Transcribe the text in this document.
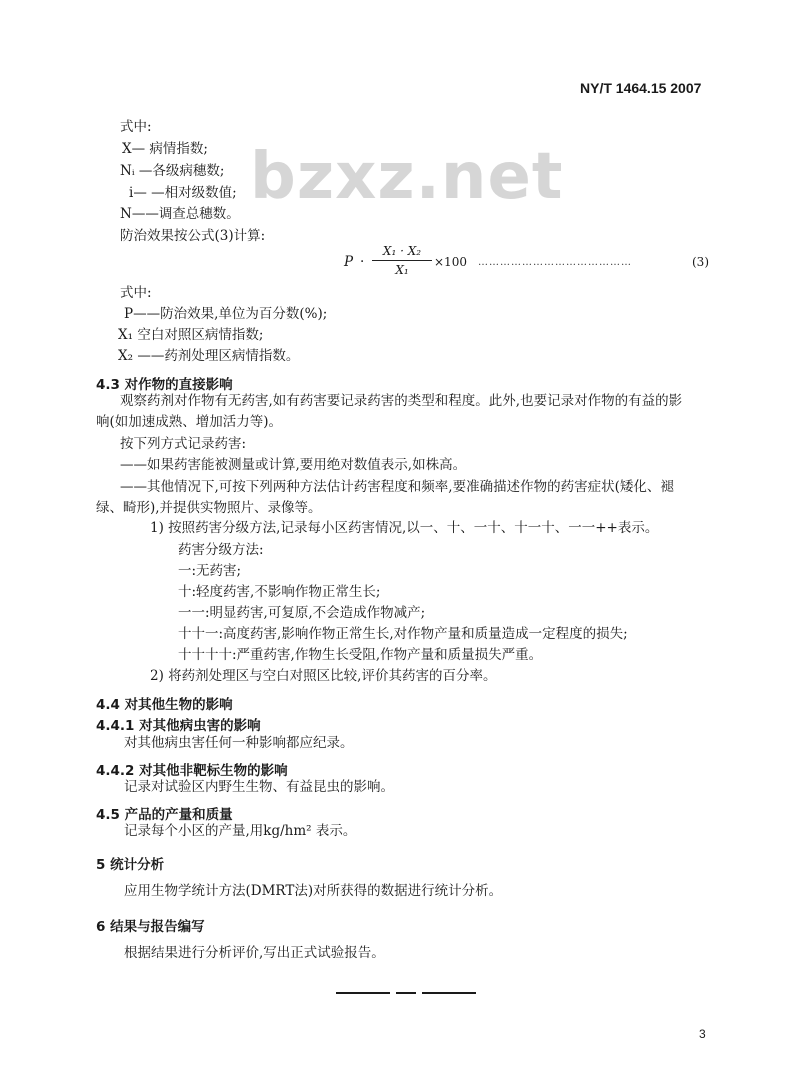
NY/T 1464.15 2007
bzxz.net
式中:
X— 病情指数;
Nᵢ —各级病穗数;
i— —相对级数值;
N——调查总穗数。
防治效果按公式(3)计算:
P ·
X₁ · X₂
X₁
×100 ……………………………………	(3)
式中:
P——防治效果,单位为百分数(%);
X₁ 空白对照区病情指数;
X₂ ——药剂处理区病情指数。
4.3 对作物的直接影响
观察药剂对作物有无药害,如有药害要记录药害的类型和程度。此外,也要记录对作物的有益的影
响(如加速成熟、增加活力等)。
按下列方式记录药害:
——如果药害能被测量或计算,要用绝对数值表示,如株高。
——其他情况下,可按下列两种方法估计药害程度和频率,要准确描述作物的药害症状(矮化、褪
绿、畸形),并提供实物照片、录像等。
1) 按照药害分级方法,记录每小区药害情况,以一、十、一十、十一十、一一++表示。
药害分级方法:
一:无药害;
十:轻度药害,不影响作物正常生长;
一一:明显药害,可复原,不会造成作物减产;
十十一:高度药害,影响作物正常生长,对作物产量和质量造成一定程度的损失;
十十十十:严重药害,作物生长受阻,作物产量和质量损失严重。
2) 将药剂处理区与空白对照区比较,评价其药害的百分率。
4.4 对其他生物的影响
4.4.1 对其他病虫害的影响
对其他病虫害任何一种影响都应纪录。
4.4.2 对其他非靶标生物的影响
记录对试验区内野生生物、有益昆虫的影响。
4.5 产品的产量和质量
记录每个小区的产量,用kg/hm² 表示。
5 统计分析
应用生物学统计方法(DMRT法)对所获得的数据进行统计分析。
6 结果与报告编写
根据结果进行分析评价,写出正式试验报告。
3
